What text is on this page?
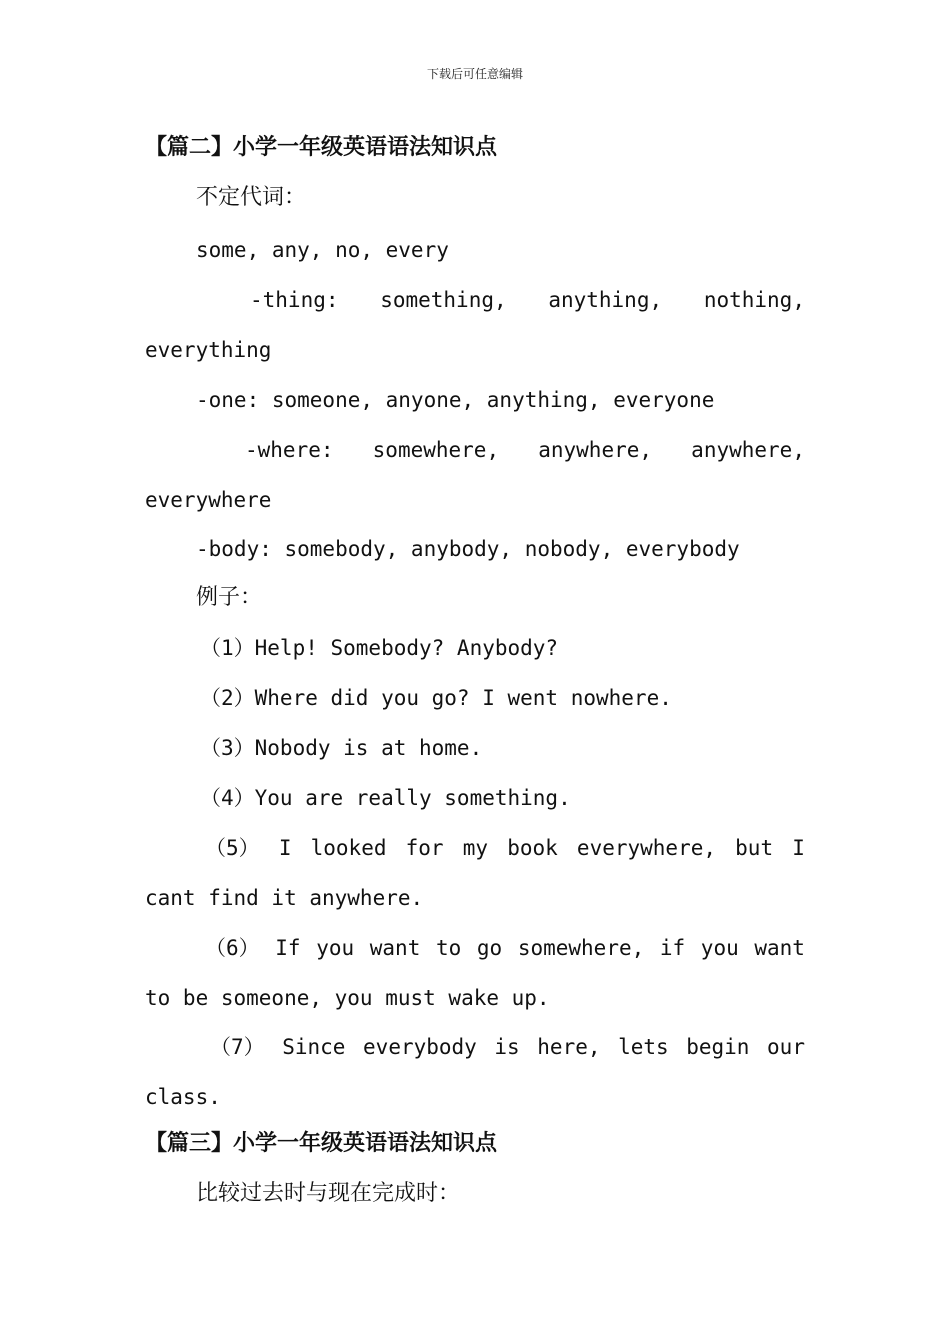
下载后可任意编辑
【篇二】小学一年级英语语法知识点
不定代词：
some, any, no, every
-thing: something, anything, nothing,
everything
-one: someone, anyone, anything, everyone
-where: somewhere, anywhere, anywhere,
everywhere
-body: somebody, anybody, nobody, everybody
例子：
（1）Help! Somebody? Anybody?
（2）Where did you go? I went nowhere.
（3）Nobody is at home.
（4）You are really something.
（5） I looked for my book everywhere, but I
cant find it anywhere.
（6） If you want to go somewhere, if you want
to be someone, you must wake up.
（7） Since everybody is here, lets begin our
class.
【篇三】小学一年级英语语法知识点
比较过去时与现在完成时：
